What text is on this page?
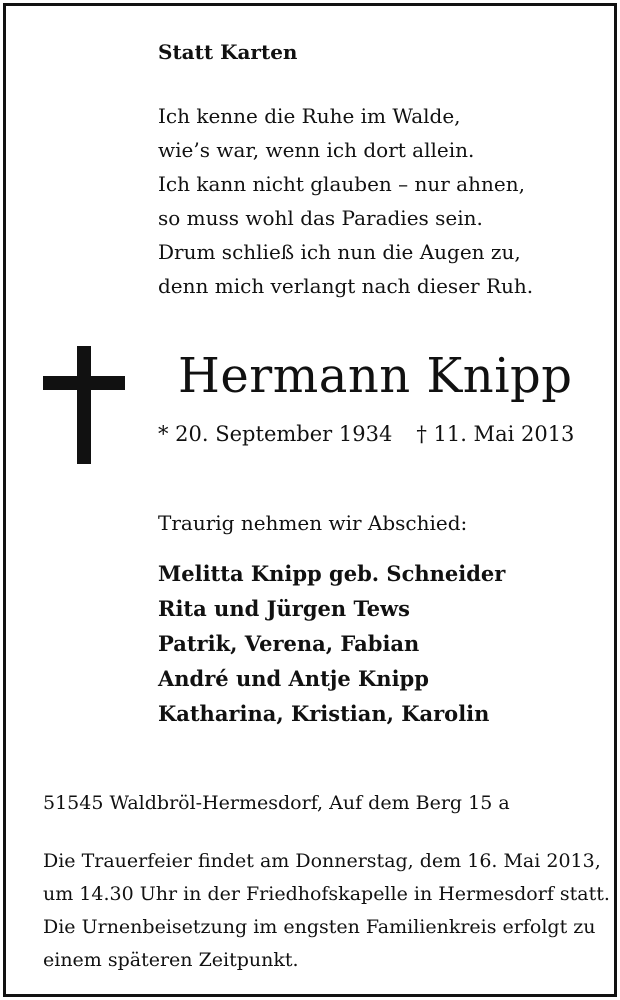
Statt Karten
Ich kenne die Ruhe im Walde,
wie’s war, wenn ich dort allein.
Ich kann nicht glauben – nur ahnen,
so muss wohl das Paradies sein.
Drum schließ ich nun die Augen zu,
denn mich verlangt nach dieser Ruh.
Hermann Knipp
* 20. September 1934 † 11. Mai 2013
Traurig nehmen wir Abschied:
Melitta Knipp geb. Schneider
Rita und Jürgen Tews
Patrik, Verena, Fabian
André und Antje Knipp
Katharina, Kristian, Karolin
51545 Waldbröl-Hermesdorf, Auf dem Berg 15 a
Die Trauerfeier findet am Donnerstag, dem 16. Mai 2013,
um 14.30 Uhr in der Friedhofskapelle in Hermesdorf statt.
Die Urnenbeisetzung im engsten Familienkreis erfolgt zu
einem späteren Zeitpunkt.
